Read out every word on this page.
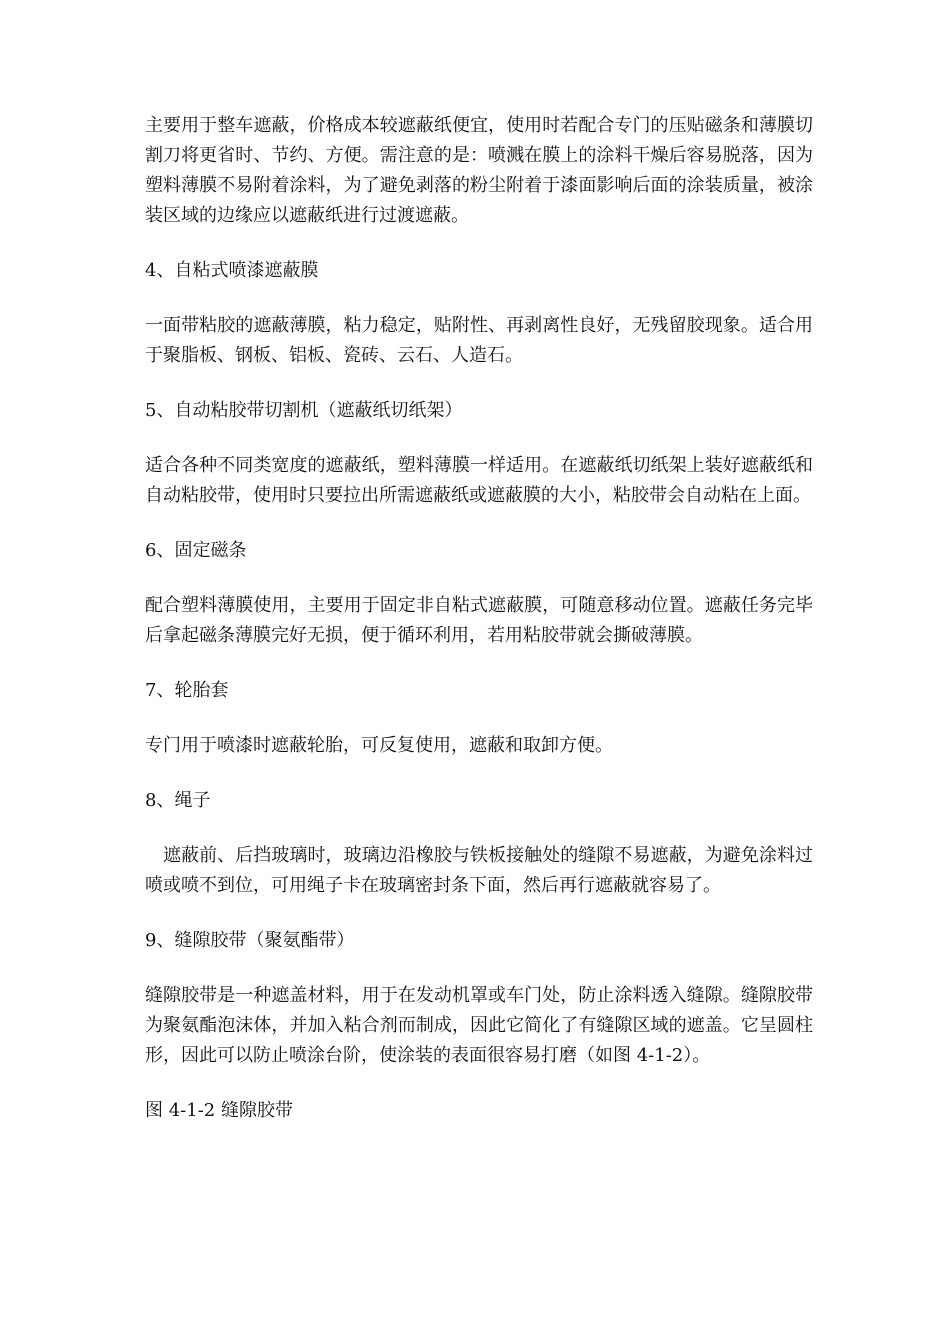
主要用于整车遮蔽，价格成本较遮蔽纸便宜，使用时若配合专门的压贴磁条和薄膜切割刀将更省时、节约、方便。需注意的是：喷溅在膜上的涂料干燥后容易脱落，因为塑料薄膜不易附着涂料，为了避免剥落的粉尘附着于漆面影响后面的涂装质量，被涂装区域的边缘应以遮蔽纸进行过渡遮蔽。

4、自粘式喷漆遮蔽膜

一面带粘胶的遮蔽薄膜，粘力稳定，贴附性、再剥离性良好，无残留胶现象。适合用于聚脂板、钢板、铝板、瓷砖、云石、人造石。

5、自动粘胶带切割机（遮蔽纸切纸架）

适合各种不同类宽度的遮蔽纸，塑料薄膜一样适用。在遮蔽纸切纸架上装好遮蔽纸和自动粘胶带，使用时只要拉出所需遮蔽纸或遮蔽膜的大小，粘胶带会自动粘在上面。

6、固定磁条

配合塑料薄膜使用，主要用于固定非自粘式遮蔽膜，可随意移动位置。遮蔽任务完毕后拿起磁条薄膜完好无损，便于循环利用，若用粘胶带就会撕破薄膜。

7、轮胎套

专门用于喷漆时遮蔽轮胎，可反复使用，遮蔽和取卸方便。

8、绳子

遮蔽前、后挡玻璃时，玻璃边沿橡胶与铁板接触处的缝隙不易遮蔽，为避免涂料过喷或喷不到位，可用绳子卡在玻璃密封条下面，然后再行遮蔽就容易了。

9、缝隙胶带（聚氨酯带）

缝隙胶带是一种遮盖材料，用于在发动机罩或车门处，防止涂料透入缝隙。缝隙胶带为聚氨酯泡沫体，并加入粘合剂而制成，因此它简化了有缝隙区域的遮盖。它呈圆柱形，因此可以防止喷涂台阶，使涂装的表面很容易打磨（如图 4-1-2）。

图 4-1-2 缝隙胶带
